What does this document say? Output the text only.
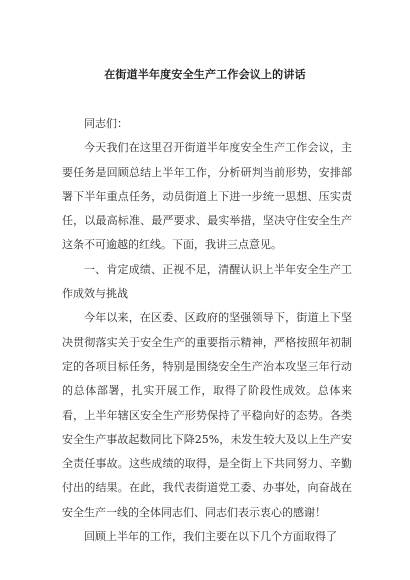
在街道半年度安全生产工作会议上的讲话

同志们：

今天我们在这里召开街道半年度安全生产工作会议，主要任务是回顾总结上半年工作，分析研判当前形势，安排部署下半年重点任务，动员街道上下进一步统一思想、压实责任，以最高标准、最严要求、最实举措，坚决守住安全生产这条不可逾越的红线。下面，我讲三点意见。

一、肯定成绩、正视不足，清醒认识上半年安全生产工作成效与挑战

今年以来，在区委、区政府的坚强领导下，街道上下坚决贯彻落实关于安全生产的重要指示精神，严格按照年初制定的各项目标任务，特别是围绕安全生产治本攻坚三年行动的总体部署，扎实开展工作，取得了阶段性成效。总体来看，上半年辖区安全生产形势保持了平稳向好的态势。各类安全生产事故起数同比下降25%，未发生较大及以上生产安全责任事故。这些成绩的取得，是全街上下共同努力、辛勤付出的结果。在此，我代表街道党工委、办事处，向奋战在安全生产一线的全体同志们、同志们表示衷心的感谢！

回顾上半年的工作，我们主要在以下几个方面取得了
